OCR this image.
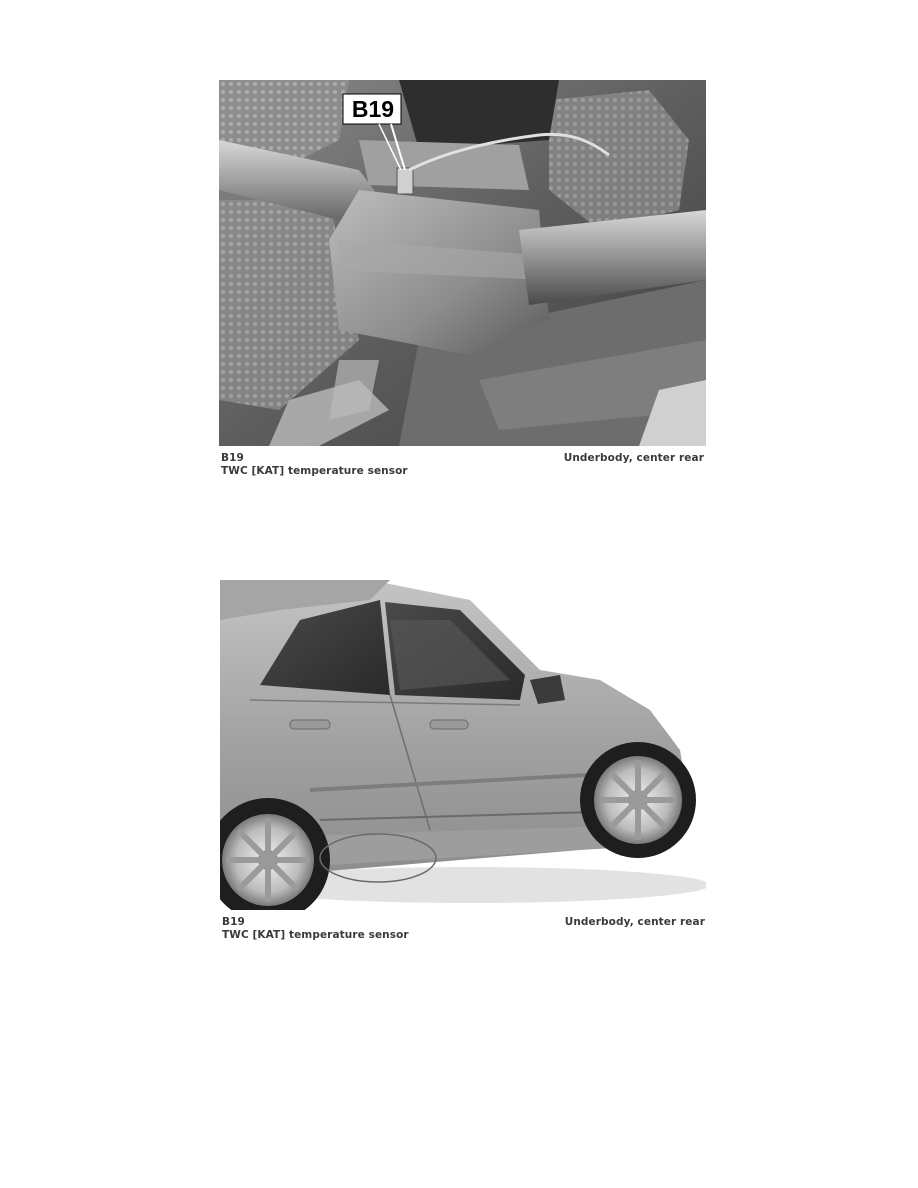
B19
B19
TWC [KAT] temperature sensor
Underbody, center rear
B19
TWC [KAT] temperature sensor
Underbody, center rear
